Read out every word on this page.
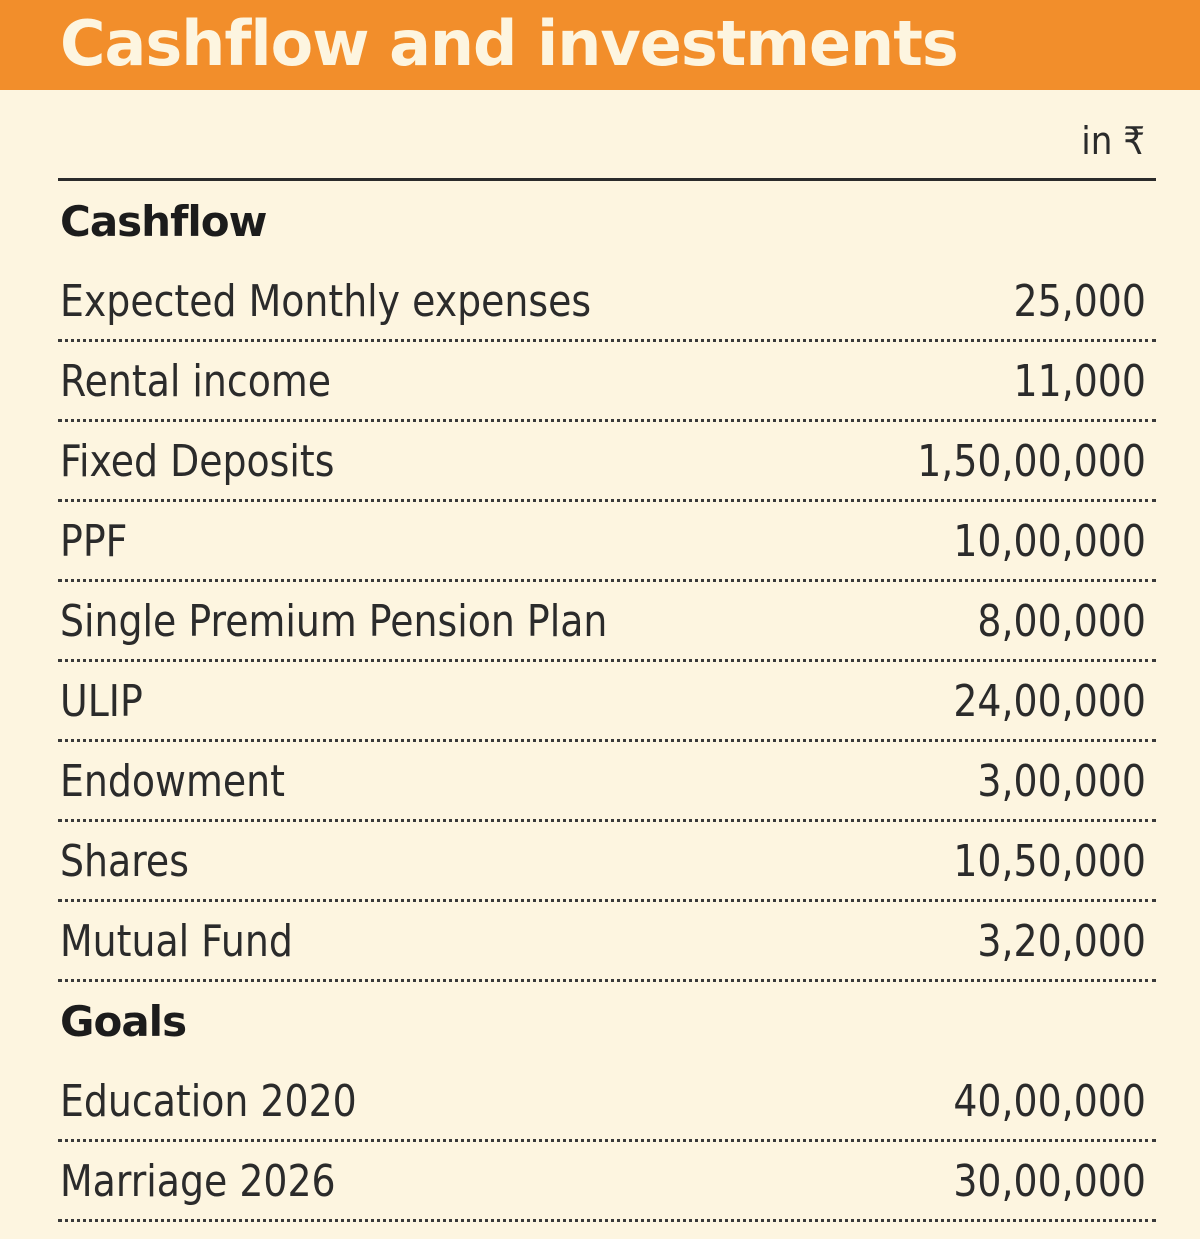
Cashflow and investments
in ₹
Cashflow
Expected Monthly expenses	25,000
Rental income	11,000
Fixed Deposits	1,50,00,000
PPF	10,00,000
Single Premium Pension Plan	8,00,000
ULIP	24,00,000
Endowment	3,00,000
Shares	10,50,000
Mutual Fund	3,20,000
Goals
Education 2020	40,00,000
Marriage 2026	30,00,000
